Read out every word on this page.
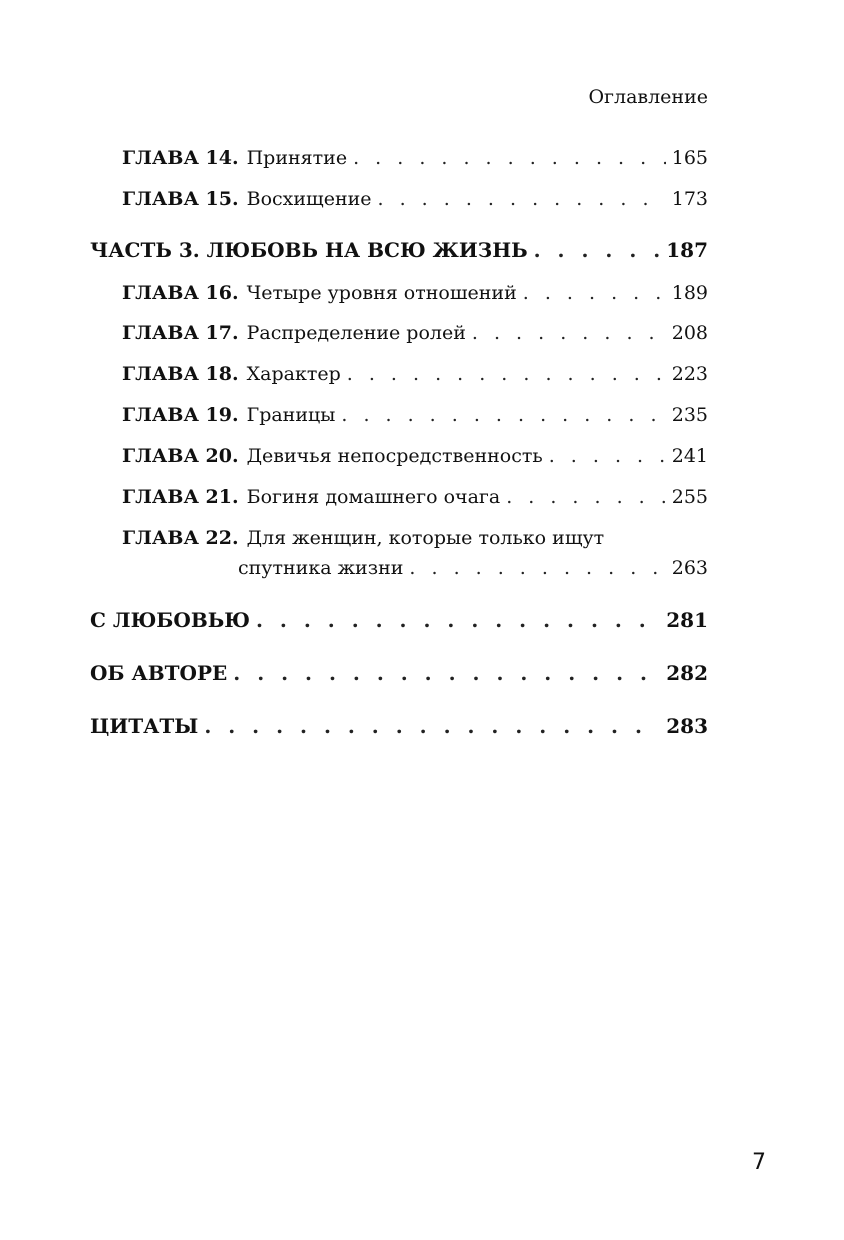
Оглавление
ГЛАВА 14. Принятие . . .	165
ГЛАВА 15. Восхищение . . .	173
ЧАСТЬ 3. ЛЮБОВЬ НА ВСЮ ЖИЗНЬ . . .	187
ГЛАВА 16. Четыре уровня отношений . . .	189
ГЛАВА 17. Распределение ролей . . .	208
ГЛАВА 18. Характер . . .	223
ГЛАВА 19. Границы . . .	235
ГЛАВА 20. Девичья непосредственность . . .	241
ГЛАВА 21. Богиня домашнего очага . . .	255
ГЛАВА 22. Для женщин, которые только ищут
спутника жизни . . .	263
С ЛЮБОВЬЮ . . .	281
ОБ АВТОРЕ . . .	282
ЦИТАТЫ . . .	283
7
